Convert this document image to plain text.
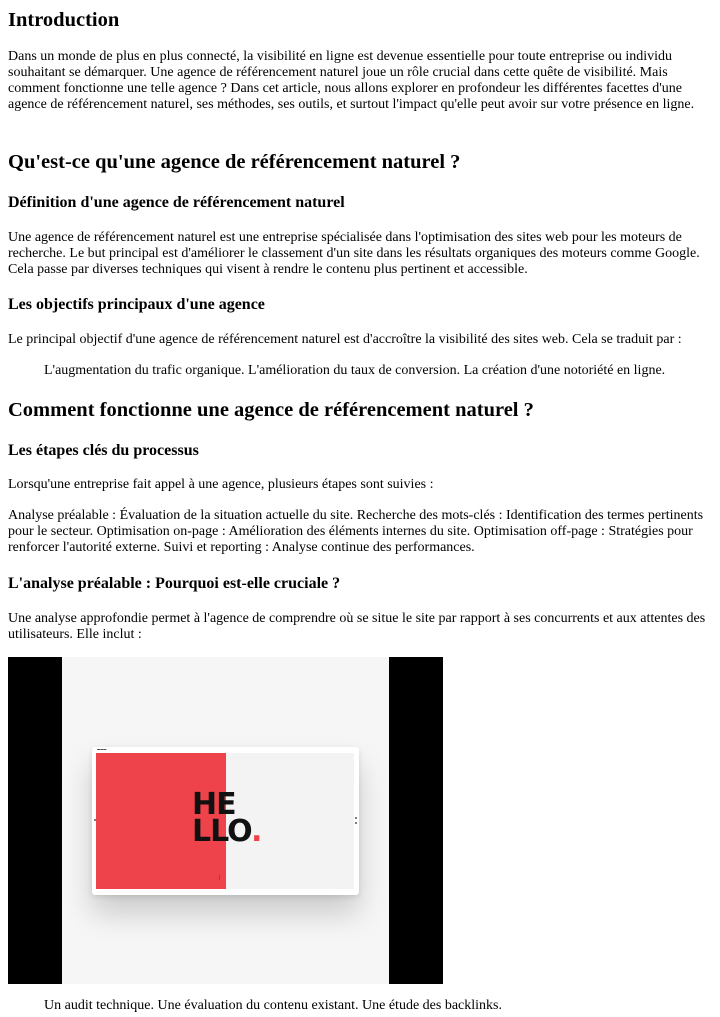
Introduction

Dans un monde de plus en plus connecté, la visibilité en ligne est devenue essentielle pour toute entreprise ou individu souhaitant se démarquer. Une agence de référencement naturel joue un rôle crucial dans cette quête de visibilité. Mais comment fonctionne une telle agence ? Dans cet article, nous allons explorer en profondeur les différentes facettes d'une agence de référencement naturel, ses méthodes, ses outils, et surtout l'impact qu'elle peut avoir sur votre présence en ligne.

Qu'est-ce qu'une agence de référencement naturel ?
Définition d'une agence de référencement naturel

Une agence de référencement naturel est une entreprise spécialisée dans l'optimisation des sites web pour les moteurs de recherche. Le but principal est d'améliorer le classement d'un site dans les résultats organiques des moteurs comme Google. Cela passe par diverses techniques qui visent à rendre le contenu plus pertinent et accessible.

Les objectifs principaux d'une agence

Le principal objectif d'une agence de référencement naturel est d'accroître la visibilité des sites web. Cela se traduit par :

L'augmentation du trafic organique. L'amélioration du taux de conversion. La création d'une notoriété en ligne.

Comment fonctionne une agence de référencement naturel ?
Les étapes clés du processus

Lorsqu'une entreprise fait appel à une agence, plusieurs étapes sont suivies :

Analyse préalable : Évaluation de la situation actuelle du site. Recherche des mots-clés : Identification des termes pertinents pour le secteur. Optimisation on-page : Amélioration des éléments internes du site. Optimisation off-page : Stratégies pour renforcer l'autorité externe. Suivi et reporting : Analyse continue des performances.

L'analyse préalable : Pourquoi est-elle cruciale ?

Une analyse approfondie permet à l'agence de comprendre où se situe le site par rapport à ses concurrents et aux attentes des utilisateurs. Elle inclut :

▬▬▬
HE
LLO.

Un audit technique. Une évaluation du contenu existant. Une étude des backlinks.
